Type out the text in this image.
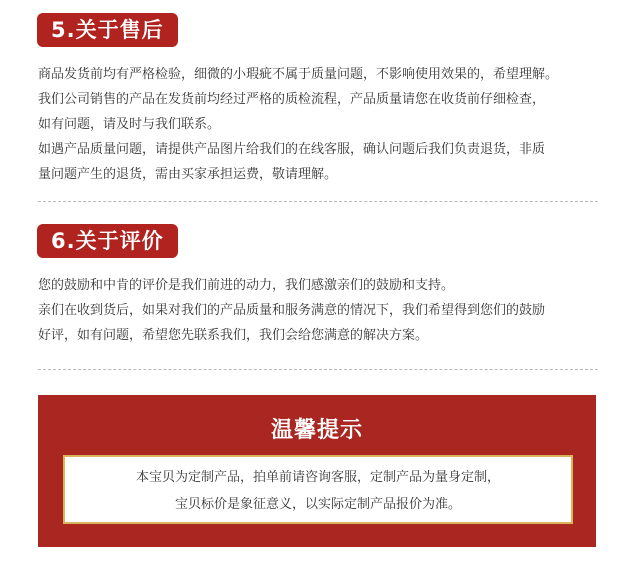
5.关于售后

商品发货前均有严格检验，细微的小瑕疵不属于质量问题，不影响使用效果的，希望理解。

我们公司销售的产品在发货前均经过严格的质检流程，产品质量请您在收货前仔细检查，

如有问题，请及时与我们联系。

如遇产品质量问题，请提供产品图片给我们的在线客服，确认问题后我们负责退货，非质

量问题产生的退货，需由买家承担运费，敬请理解。

6.关于评价

您的鼓励和中肯的评价是我们前进的动力，我们感激亲们的鼓励和支持。

亲们在收到货后，如果对我们的产品质量和服务满意的情况下，我们希望得到您们的鼓励

好评，如有问题，希望您先联系我们，我们会给您满意的解决方案。

温馨提示
本宝贝为定制产品，拍单前请咨询客服，定制产品为量身定制，
宝贝标价是象征意义，以实际定制产品报价为准。
